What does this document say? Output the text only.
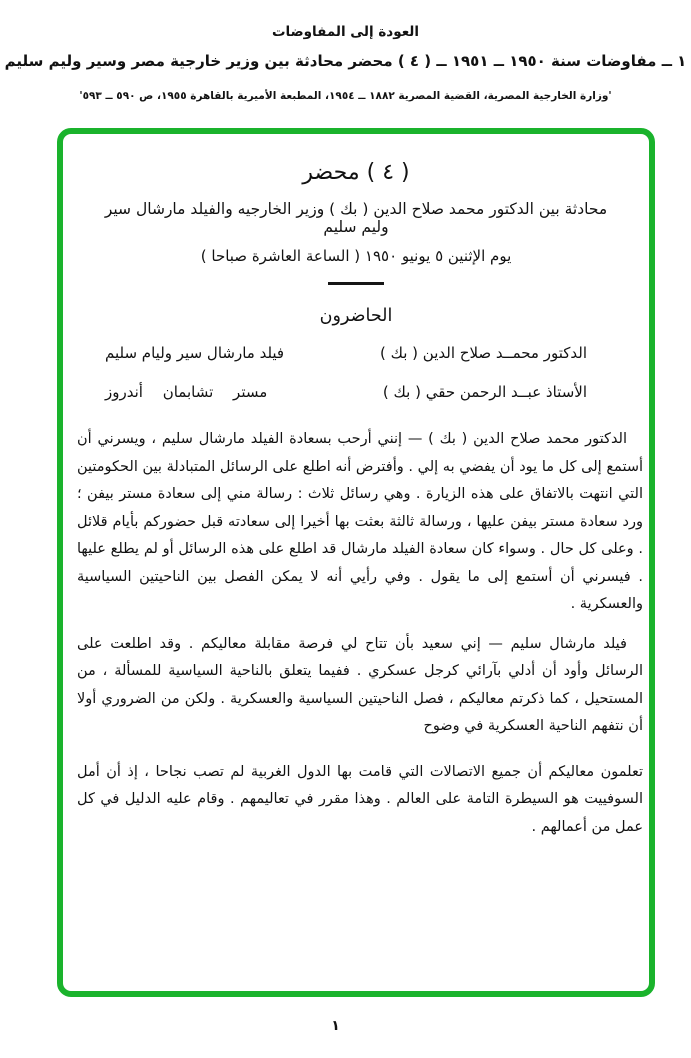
العودة إلى المفاوضات
١ ــ مفاوضات سنة ١٩٥٠ ــ ١٩٥١ ــ ( ٤ ) محضر محادثة بين وزير خارجية مصر وسير وليم سليم
'وزارة الخارجية المصرية، القضية المصرية ١٨٨٢ ــ ١٩٥٤، المطبعة الأميرية بالقاهرة ١٩٥٥، ص ٥٩٠ ــ ٥٩٣'
( ٤ ) محضر
محادثة بين الدكتور محمد صلاح الدين ( بك ) وزير الخارجيه والفيلد مارشال سير وليم سليم
يوم الإثنين ٥ يونيو ١٩٥٠ ( الساعة العاشرة صباحا )
الحاضرون
الدكتور محمــد صلاح الدين ( بك )
فيلد مارشال سير وليام سليم
الأستاذ عبــد الرحمن حقي ( بك )
مستر  تشابمان  أندروز

الدكتور محمد صلاح الدين ( بك ) — إنني أرحب بسعادة الفيلد مارشال سليم ، ويسرني أن أستمع إلى كل ما يود أن يفضي به إلي . وأفترض أنه اطلع على الرسائل المتبادلة بين الحكومتين التي انتهت بالاتفاق على هذه الزيارة . وهي رسائل ثلاث : رسالة مني إلى سعادة مستر بيفن ؛ ورد سعادة مستر بيفن عليها ، ورسالة ثالثة بعثت بها أخيرا إلى سعادته قبل حضوركم بأيام قلائل . وعلى كل حال . وسواء كان سعادة الفيلد مارشال قد اطلع على هذه الرسائل أو لم يطلع عليها . فيسرني أن أستمع إلى ما يقول . وفي رأيي أنه لا يمكن الفصل بين الناحيتين السياسية والعسكرية .

فيلد مارشال سليم — إني سعيد بأن تتاح لي فرصة مقابلة معاليكم . وقد اطلعت على الرسائل وأود أن أدلي بآرائي كرجل عسكري . ففيما يتعلق بالناحية السياسية للمسألة ، من المستحيل ، كما ذكرتم معاليكم ، فصل الناحيتين السياسية والعسكرية . ولكن من الضروري أولا أن نتفهم الناحية العسكرية في وضوح

تعلمون معاليكم أن جميع الاتصالات التي قامت بها الدول الغربية لم تصب نجاحا ، إذ أن أمل السوفييت هو السيطرة التامة على العالم . وهذا مقرر في تعاليمهم . وقام عليه الدليل في كل عمل من أعمالهم .

١
